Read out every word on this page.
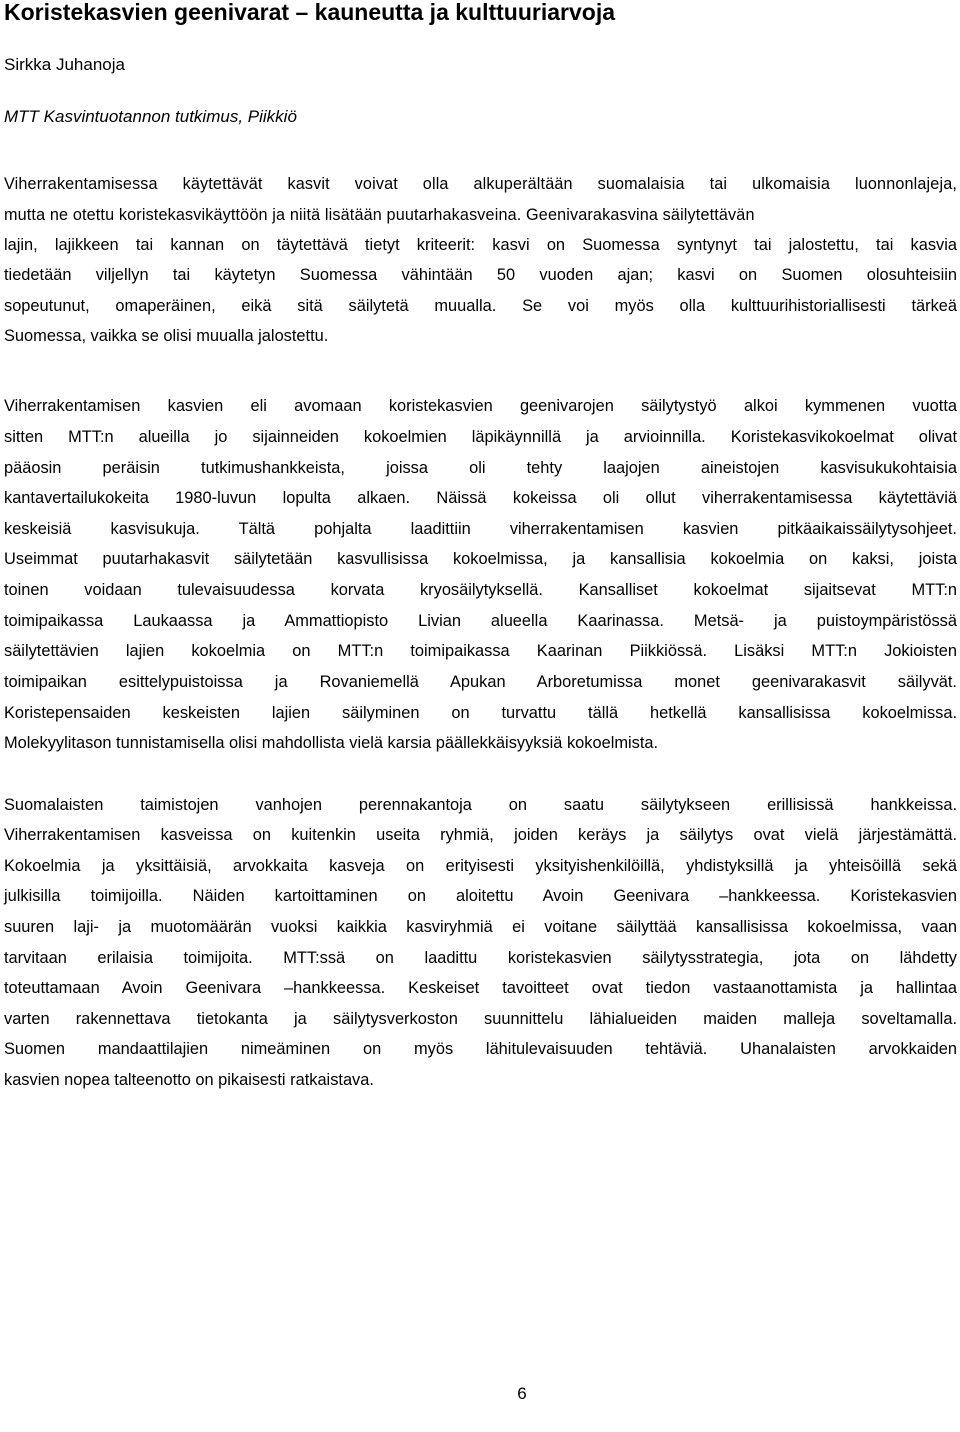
Koristekasvien geenivarat – kauneutta ja kulttuuriarvoja

Sirkka Juhanoja

MTT Kasvintuotannon tutkimus, Piikkiö

Viherrakentamisessa käytettävät kasvit voivat olla alkuperältään suomalaisia tai ulkomaisia luonnonlajeja,

mutta ne otettu koristekasvikäyttöön ja niitä lisätään puutarhakasveina. Geenivarakasvina säilytettävän

lajin, lajikkeen tai kannan on täytettävä tietyt kriteerit: kasvi on Suomessa syntynyt tai jalostettu, tai kasvia

tiedetään viljellyn tai käytetyn Suomessa vähintään 50 vuoden ajan; kasvi on Suomen olosuhteisiin

sopeutunut, omaperäinen, eikä sitä säilytetä muualla. Se voi myös olla kulttuurihistoriallisesti tärkeä

Suomessa, vaikka se olisi muualla jalostettu.

Viherrakentamisen kasvien eli avomaan koristekasvien geenivarojen säilytystyö alkoi kymmenen vuotta

sitten MTT:n alueilla jo sijainneiden kokoelmien läpikäynnillä ja arvioinnilla. Koristekasvikokoelmat olivat

pääosin peräisin tutkimushankkeista, joissa oli tehty laajojen aineistojen kasvisukukohtaisia

kantavertailukokeita 1980-luvun lopulta alkaen. Näissä kokeissa oli ollut viherrakentamisessa käytettäviä

keskeisiä kasvisukuja. Tältä pohjalta laadittiin viherrakentamisen kasvien pitkäaikaissäilytysohjeet.

Useimmat puutarhakasvit säilytetään kasvullisissa kokoelmissa, ja kansallisia kokoelmia on kaksi, joista

toinen voidaan tulevaisuudessa korvata kryosäilytyksellä. Kansalliset kokoelmat sijaitsevat MTT:n

toimipaikassa Laukaassa ja Ammattiopisto Livian alueella Kaarinassa. Metsä- ja puistoympäristössä

säilytettävien lajien kokoelmia on MTT:n toimipaikassa Kaarinan Piikkiössä. Lisäksi MTT:n Jokioisten

toimipaikan esittelypuistoissa ja Rovaniemellä Apukan Arboretumissa monet geenivarakasvit säilyvät.

Koristepensaiden keskeisten lajien säilyminen on turvattu tällä hetkellä kansallisissa kokoelmissa.

Molekyylitason tunnistamisella olisi mahdollista vielä karsia päällekkäisyyksiä kokoelmista.

Suomalaisten taimistojen vanhojen perennakantoja on saatu säilytykseen erillisissä hankkeissa.

Viherrakentamisen kasveissa on kuitenkin useita ryhmiä, joiden keräys ja säilytys ovat vielä järjestämättä.

Kokoelmia ja yksittäisiä, arvokkaita kasveja on erityisesti yksityishenkilöillä, yhdistyksillä ja yhteisöillä sekä

julkisilla toimijoilla. Näiden kartoittaminen on aloitettu Avoin Geenivara –hankkeessa. Koristekasvien

suuren laji- ja muotomäärän vuoksi kaikkia kasviryhmiä ei voitane säilyttää kansallisissa kokoelmissa, vaan

tarvitaan erilaisia toimijoita. MTT:ssä on laadittu koristekasvien säilytysstrategia, jota on lähdetty

toteuttamaan Avoin Geenivara –hankkeessa. Keskeiset tavoitteet ovat tiedon vastaanottamista ja hallintaa

varten rakennettava tietokanta ja säilytysverkoston suunnittelu lähialueiden maiden malleja soveltamalla.

Suomen mandaattilajien nimeäminen on myös lähitulevaisuuden tehtäviä. Uhanalaisten arvokkaiden

kasvien nopea talteenotto on pikaisesti ratkaistava.

6
